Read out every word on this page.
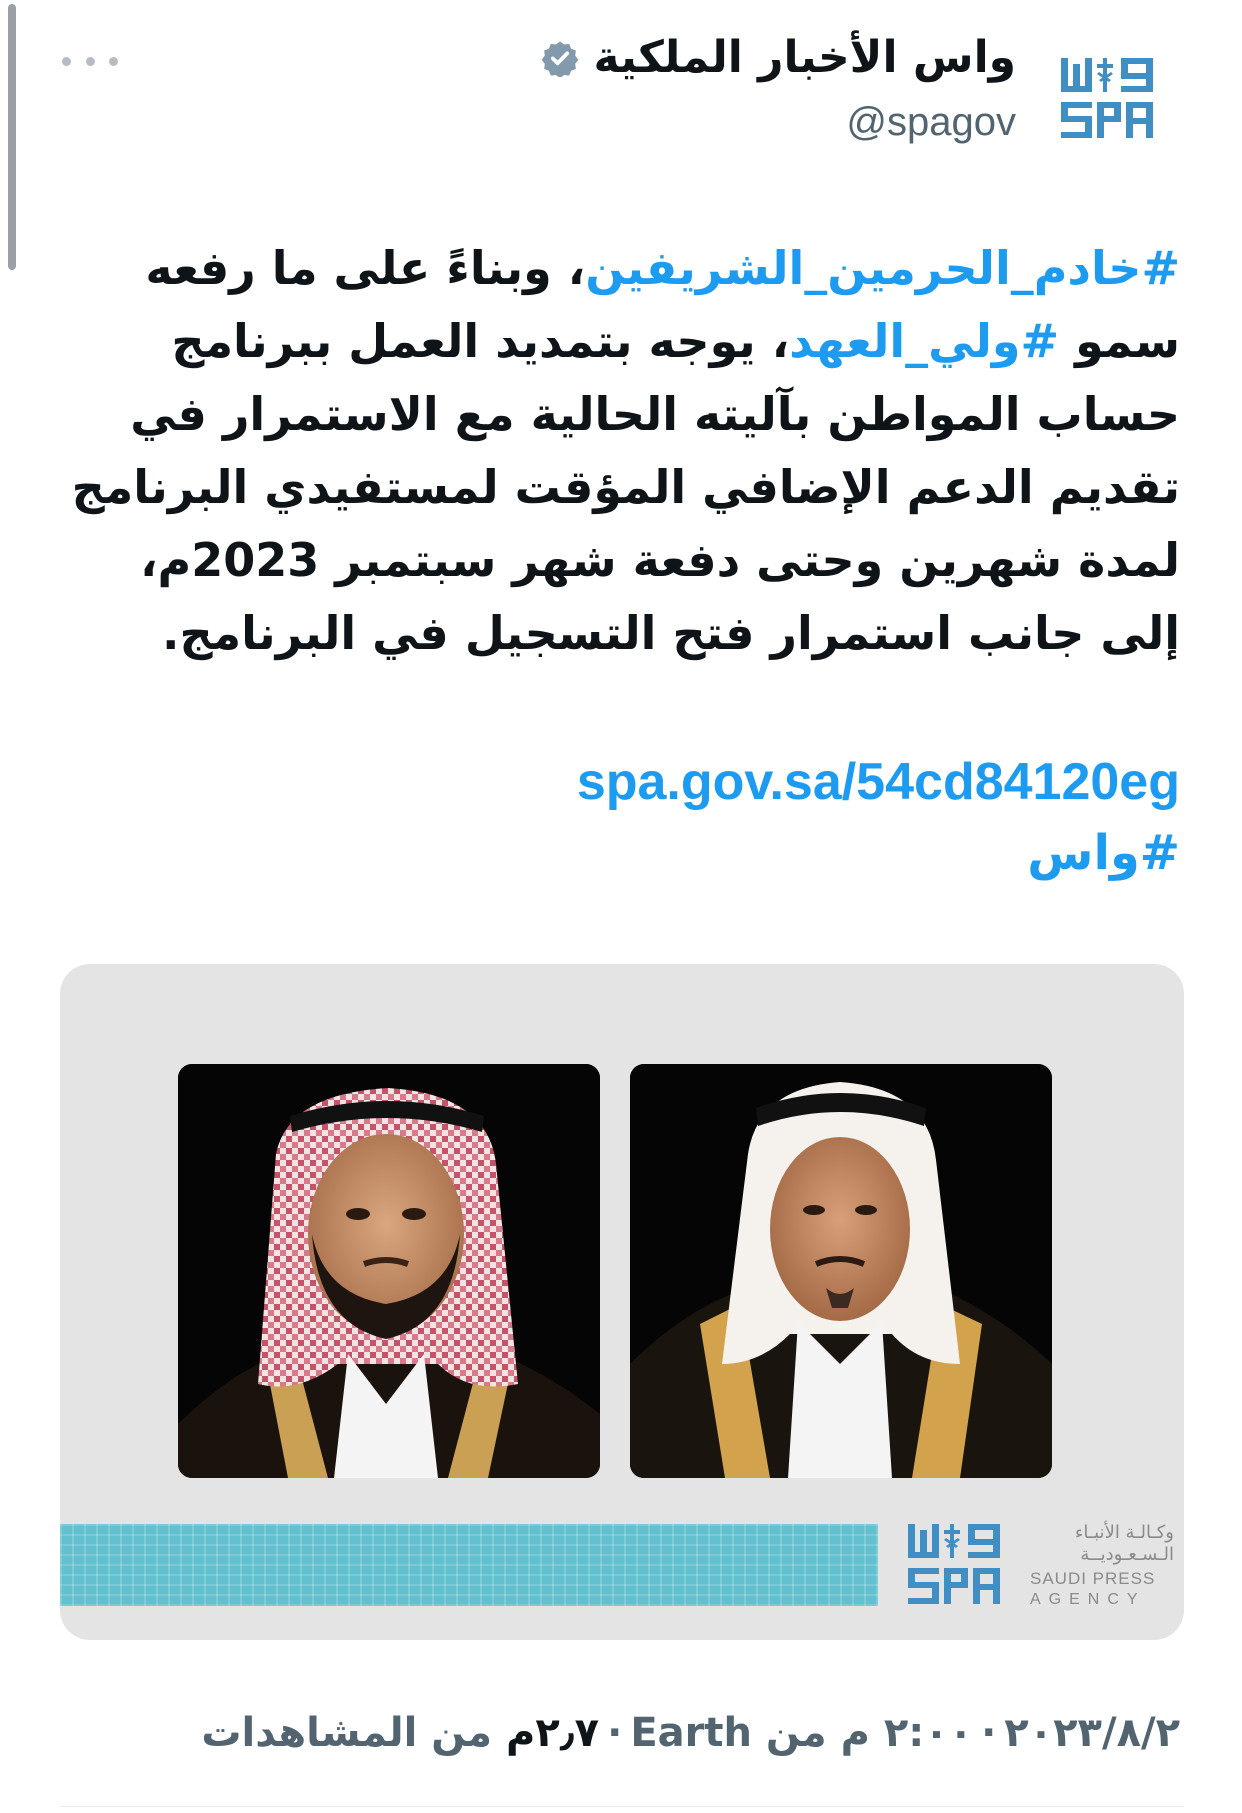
واس الأخبار الملكية
@spagov
#خادم_الحرمين_الشريفين، وبناءً على ما رفعه سمو #ولي_العهد، يوجه بتمديد العمل ببرنامج حساب المواطن بآليته الحالية مع الاستمرار في تقديم الدعم الإضافي المؤقت لمستفيدي البرنامج لمدة شهرين وحتى دفعة شهر سبتمبر 2023م، إلى جانب استمرار فتح التسجيل في البرنامج.
spa.gov.sa/54cd84120eg
#واس
وكـالـة الأنبـاء
الـسـعـوديــة
SAUDI PRESS
AGENCY
٢٠٢٣/٨/٢·٢:٠٠ م من Earth·٢٫٧م من المشاهدات
